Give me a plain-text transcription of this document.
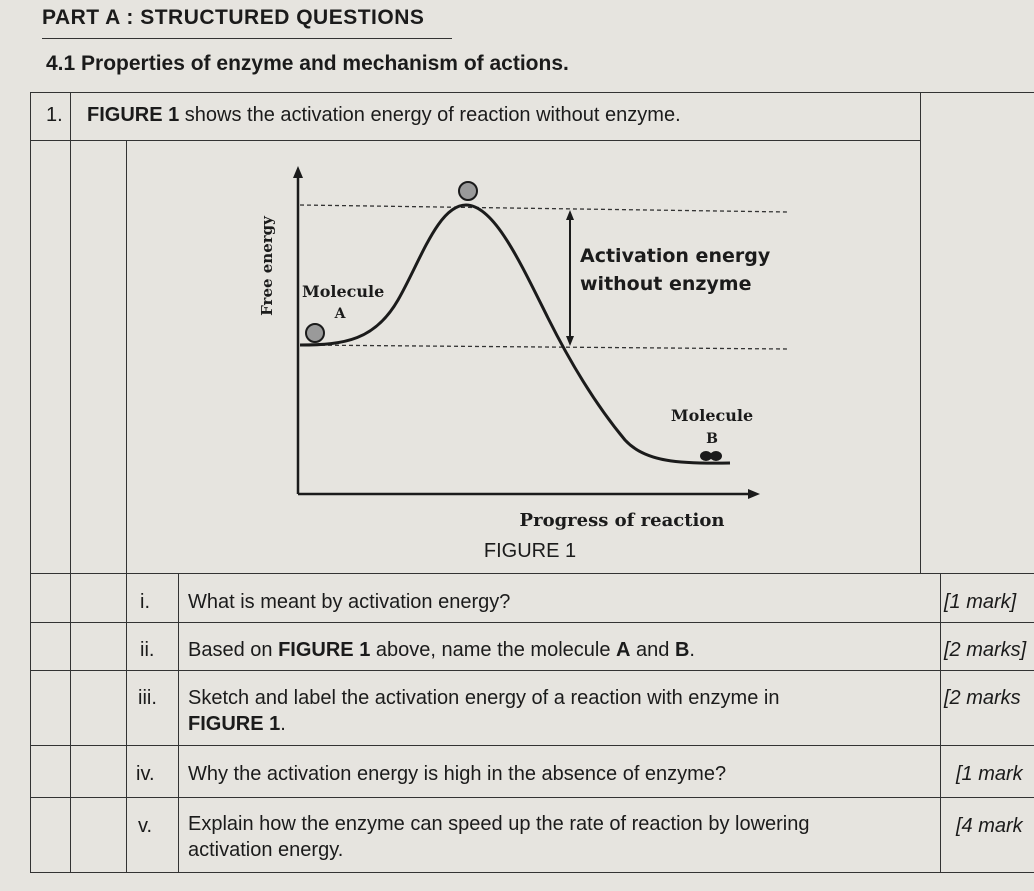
PART A : STRUCTURED QUESTIONS
4.1 Properties of enzyme and mechanism of actions.
1. FIGURE 1 shows the activation energy of reaction without enzyme.
Free energy
Progress of reaction
Molecule
A
Molecule
B
Activation energy
without enzyme
FIGURE 1
i. What is meant by activation energy?	[1 mark]
ii. Based on FIGURE 1 above, name the molecule A and B.	[2 marks]
iii. Sketch and label the activation energy of a reaction with enzyme in
FIGURE 1.
[2 marks
iv. Why the activation energy is high in the absence of enzyme?	[1 mark
v. Explain how the enzyme can speed up the rate of reaction by lowering
activation energy.
[4 mark
